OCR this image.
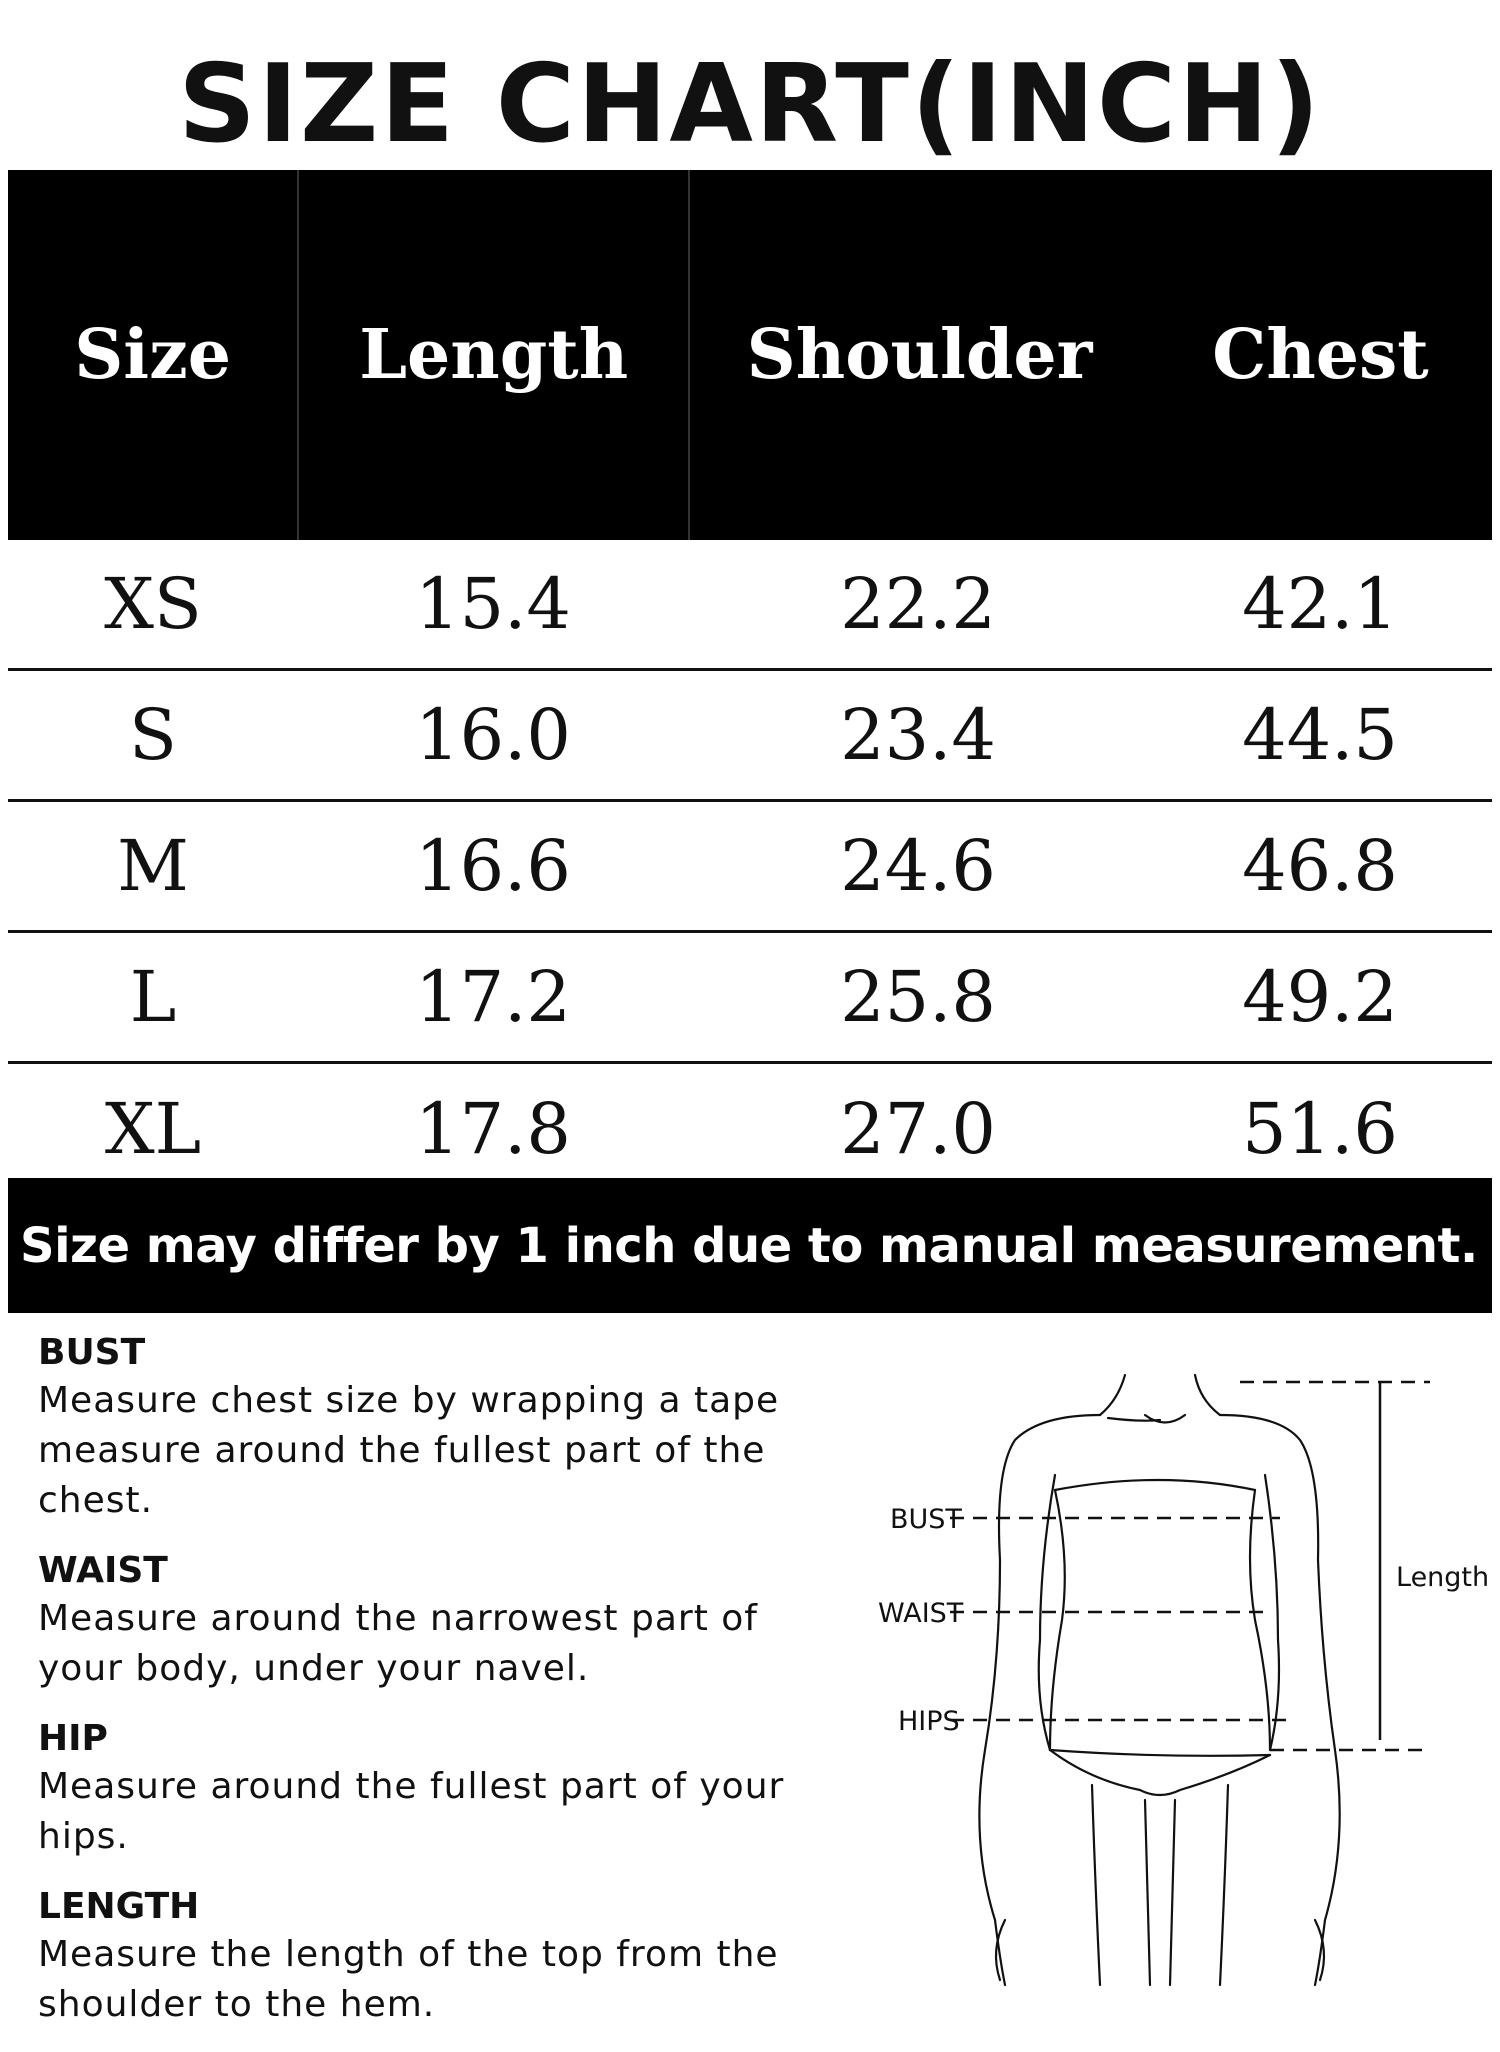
SIZE CHART(INCH)
Size	Length	Shoulder	Chest
XS	15.4	22.2	42.1
S	16.0	23.4	44.5
M	16.6	24.6	46.8
L	17.2	25.8	49.2
XL	17.8	27.0	51.6
Size may differ by 1 inch due to manual measurement.

BUST

Measure chest size by wrapping a tape measure around the fullest part of the chest.

WAIST

Measure around the narrowest part of your body, under your navel.

HIP

Measure around the fullest part of your hips.

LENGTH

Measure the length of the top from the shoulder to the hem.

BUST
WAIST
HIPS
Length
